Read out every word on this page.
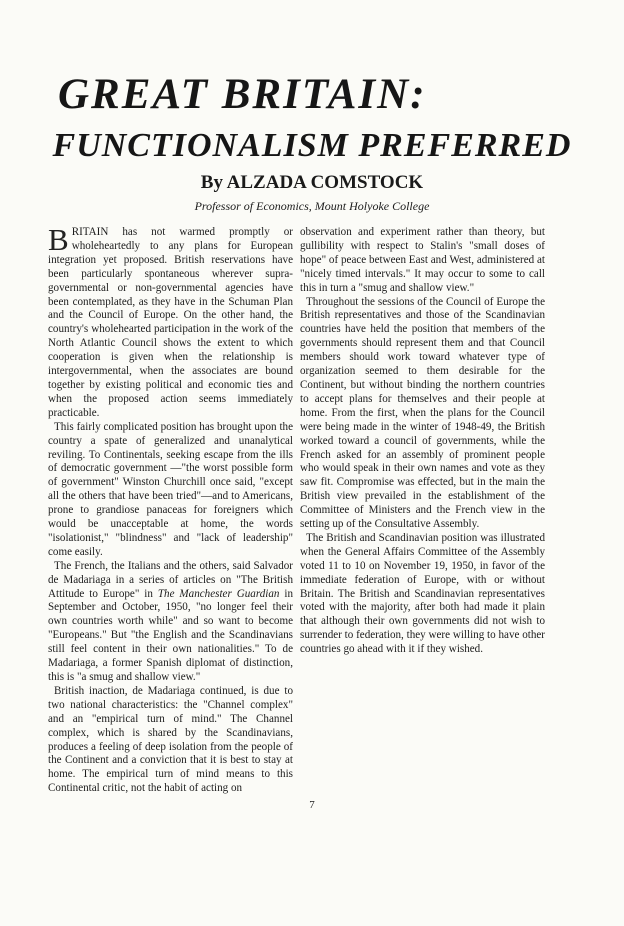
GREAT BRITAIN:
FUNCTIONALISM PREFERRED
By ALZADA COMSTOCK
Professor of Economics, Mount Holyoke College

BRITAIN has not warmed promptly or wholeheartedly to any plans for European integration yet proposed. British reservations have been particularly spontaneous wherever supra-governmental or non-governmental agencies have been contemplated, as they have in the Schuman Plan and the Council of Europe. On the other hand, the country's wholehearted participation in the work of the North Atlantic Council shows the extent to which cooperation is given when the relationship is intergovernmental, when the associates are bound together by existing political and economic ties and when the proposed action seems immediately practicable.

This fairly complicated position has brought upon the country a spate of generalized and unanalytical reviling. To Continentals, seeking escape from the ills of democratic government —"the worst possible form of government" Winston Churchill once said, "except all the others that have been tried"—and to Americans, prone to grandiose panaceas for foreigners which would be unacceptable at home, the words "isolationist," "blindness" and "lack of leadership" come easily.

The French, the Italians and the others, said Salvador de Madariaga in a series of articles on "The British Attitude to Europe" in The Manchester Guardian in September and October, 1950, "no longer feel their own countries worth while" and so want to become "Europeans." But "the English and the Scandinavians still feel content in their own nationalities." To de Madariaga, a former Spanish diplomat of distinction, this is "a smug and shallow view."

British inaction, de Madariaga continued, is due to two national characteristics: the "Channel complex" and an "empirical turn of mind." The Channel complex, which is shared by the Scandinavians, produces a feeling of deep isolation from the people of the Continent and a conviction that it is best to stay at home. The empirical turn of mind means to this Continental critic, not the habit of acting on

observation and experiment rather than theory, but gullibility with respect to Stalin's "small doses of hope" of peace between East and West, administered at "nicely timed intervals." It may occur to some to call this in turn a "smug and shallow view."

Throughout the sessions of the Council of Europe the British representatives and those of the Scandinavian countries have held the position that members of the governments should represent them and that Council members should work toward whatever type of organization seemed to them desirable for the Continent, but without binding the northern countries to accept plans for themselves and their people at home. From the first, when the plans for the Council were being made in the winter of 1948-49, the British worked toward a council of governments, while the French asked for an assembly of prominent people who would speak in their own names and vote as they saw fit. Compromise was effected, but in the main the British view prevailed in the establishment of the Committee of Ministers and the French view in the setting up of the Consultative Assembly.

The British and Scandinavian position was illustrated when the General Affairs Committee of the Assembly voted 11 to 10 on November 19, 1950, in favor of the immediate federation of Europe, with or without Britain. The British and Scandinavian representatives voted with the majority, after both had made it plain that although their own governments did not wish to surrender to federation, they were willing to have other countries go ahead with it if they wished.

7
